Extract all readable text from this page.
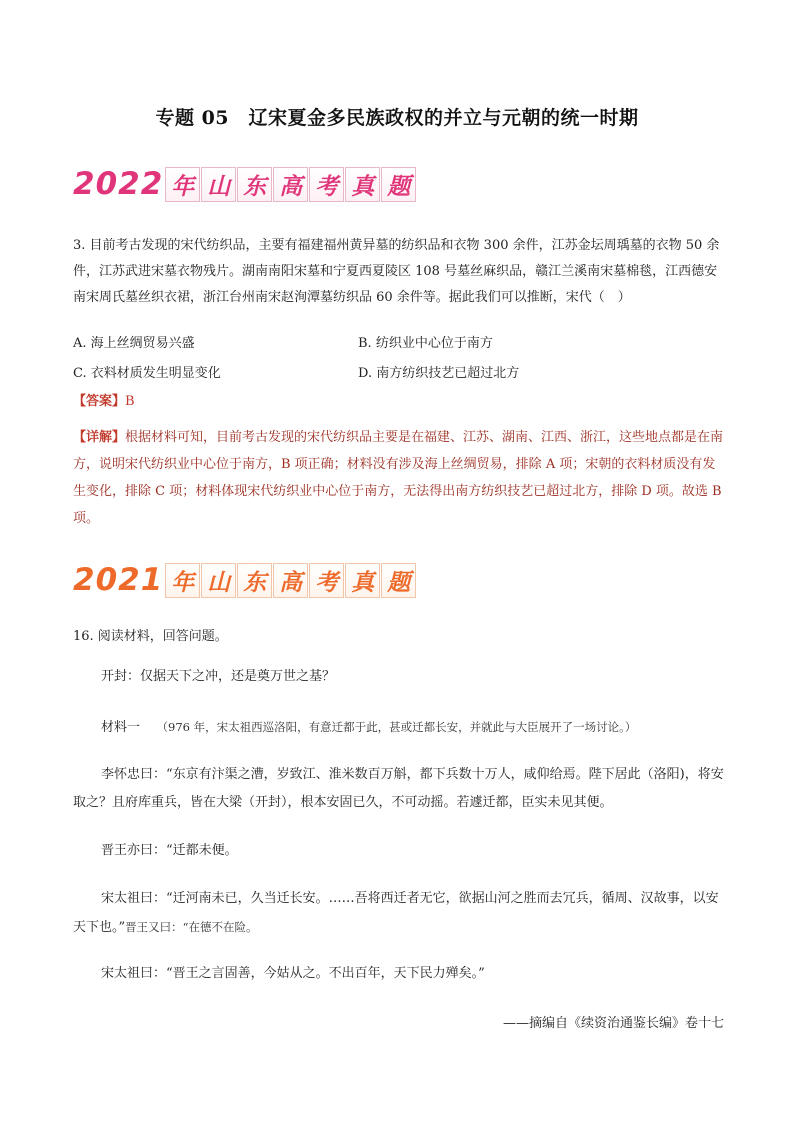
专题 05　辽宋夏金多民族政权的并立与元朝的统一时期
2022 年 山 东 高 考 真 题
3. 目前考古发现的宋代纺织品，主要有福建福州黄异墓的纺织品和衣物 300 余件，江苏金坛周瑀墓的衣物 50 余件，江苏武进宋墓衣物残片。湖南南阳宋墓和宁夏西夏陵区 108 号墓丝麻织品，赣江兰溪南宋墓棉毯，江西德安南宋周氏墓丝织衣裙，浙江台州南宋赵洵潭墓纺织品 60 余件等。据此我们可以推断，宋代（　）
A. 海上丝绸贸易兴盛	B. 纺织业中心位于南方
C. 衣料材质发生明显变化	D. 南方纺织技艺已超过北方
【答案】B
【详解】根据材料可知，目前考古发现的宋代纺织品主要是在福建、江苏、湖南、江西、浙江，这些地点都是在南方，说明宋代纺织业中心位于南方，B 项正确；材料没有涉及海上丝绸贸易，排除 A 项；宋朝的衣料材质没有发生变化，排除 C 项；材料体现宋代纺织业中心位于南方，无法得出南方纺织技艺已超过北方，排除 D 项。故选 B 项。
2021 年 山 东 高 考 真 题
16. 阅读材料，回答问题。
开封：仅据天下之冲，还是奠万世之基？
材料一 （976 年，宋太祖西巡洛阳，有意迁都于此，甚或迁都长安，并就此与大臣展开了一场讨论。）
李怀忠曰：“东京有汴渠之漕，岁致江、淮米数百万斛，都下兵数十万人，咸仰给焉。陛下居此（洛阳)，将安取之？且府库重兵，皆在大梁（开封），根本安固已久，不可动摇。若遽迁都，臣实未见其便。
晋王亦曰：“迁都未便。
宋太祖曰：“迁河南未已，久当迁长安。……吾将西迁者无它，欲据山河之胜而去冗兵，循周、汉故事，以安天下也。”晋王又曰：“在德不在险。
宋太祖曰：“晋王之言固善，今姑从之。不出百年，天下民力殚矣。”
——摘编自《续资治通鉴长编》卷十七
